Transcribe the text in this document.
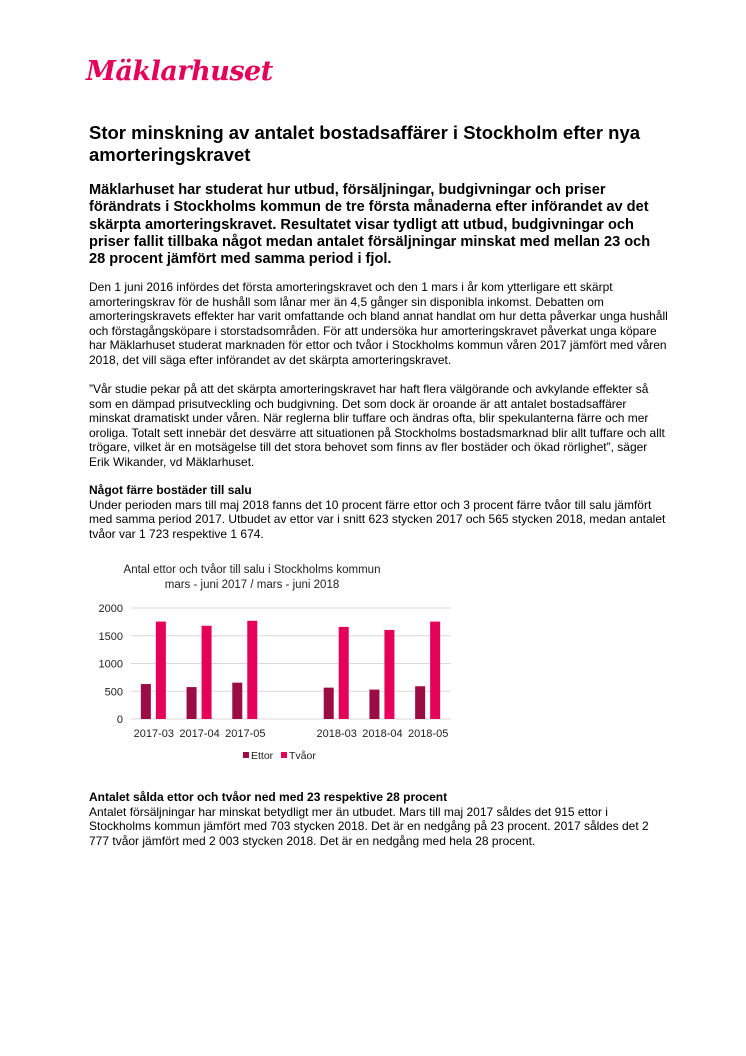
Mäklarhuset
Stor minskning av antalet bostadsaffärer i Stockholm efter nya amorteringskravet

Mäklarhuset har studerat hur utbud, försäljningar, budgivningar och priser förändrats i Stockholms kommun de tre första månaderna efter införandet av det skärpta amorteringskravet. Resultatet visar tydligt att utbud, budgivningar och priser fallit tillbaka något medan antalet försäljningar minskat med mellan 23 och 28 procent jämfört med samma period i fjol.

Den 1 juni 2016 infördes det första amorteringskravet och den 1 mars i år kom ytterligare ett skärpt amorteringskrav för de hushåll som lånar mer än 4,5 gånger sin disponibla inkomst. Debatten om amorteringskravets effekter har varit omfattande och bland annat handlat om hur detta påverkar unga hushåll och förstagångsköpare i storstadsområden. För att undersöka hur amorteringskravet påverkat unga köpare har Mäklarhuset studerat marknaden för ettor och tvåor i Stockholms kommun våren 2017 jämfört med våren 2018, det vill säga efter införandet av det skärpta amorteringskravet.

”Vår studie pekar på att det skärpta amorteringskravet har haft flera välgörande och avkylande effekter så som en dämpad prisutveckling och budgivning. Det som dock är oroande är att antalet bostadsaffärer minskat dramatiskt under våren. När reglerna blir tuffare och ändras ofta, blir spekulanterna färre och mer oroliga. Totalt sett innebär det desvärre att situationen på Stockholms bostadsmarknad blir allt tuffare och allt trögare, vilket är en motsägelse till det stora behovet som finns av fler bostäder och ökad rörlighet”, säger Erik Wikander, vd Mäklarhuset.

Något färre bostäder till salu
Under perioden mars till maj 2018 fanns det 10 procent färre ettor och 3 procent färre tvåor till salu jämfört med samma period 2017. Utbudet av ettor var i snitt 623 stycken 2017 och 565 stycken 2018, medan antalet tvåor var 1 723 respektive 1 674.

Antal ettor och tvåor till salu i Stockholms kommun
mars - juni 2017 / mars - juni 2018
0
500
1000
1500
2000
2017-03 2017-04 2017-05	2018-03 2018-04 2018-05
Ettor Tvåor

Antalet sålda ettor och tvåor ned med 23 respektive 28 procent
Antalet försäljningar har minskat betydligt mer än utbudet. Mars till maj 2017 såldes det 915 ettor i Stockholms kommun jämfört med 703 stycken 2018. Det är en nedgång på 23 procent. 2017 såldes det 2 777 tvåor jämfört med 2 003 stycken 2018. Det är en nedgång med hela 28 procent.
